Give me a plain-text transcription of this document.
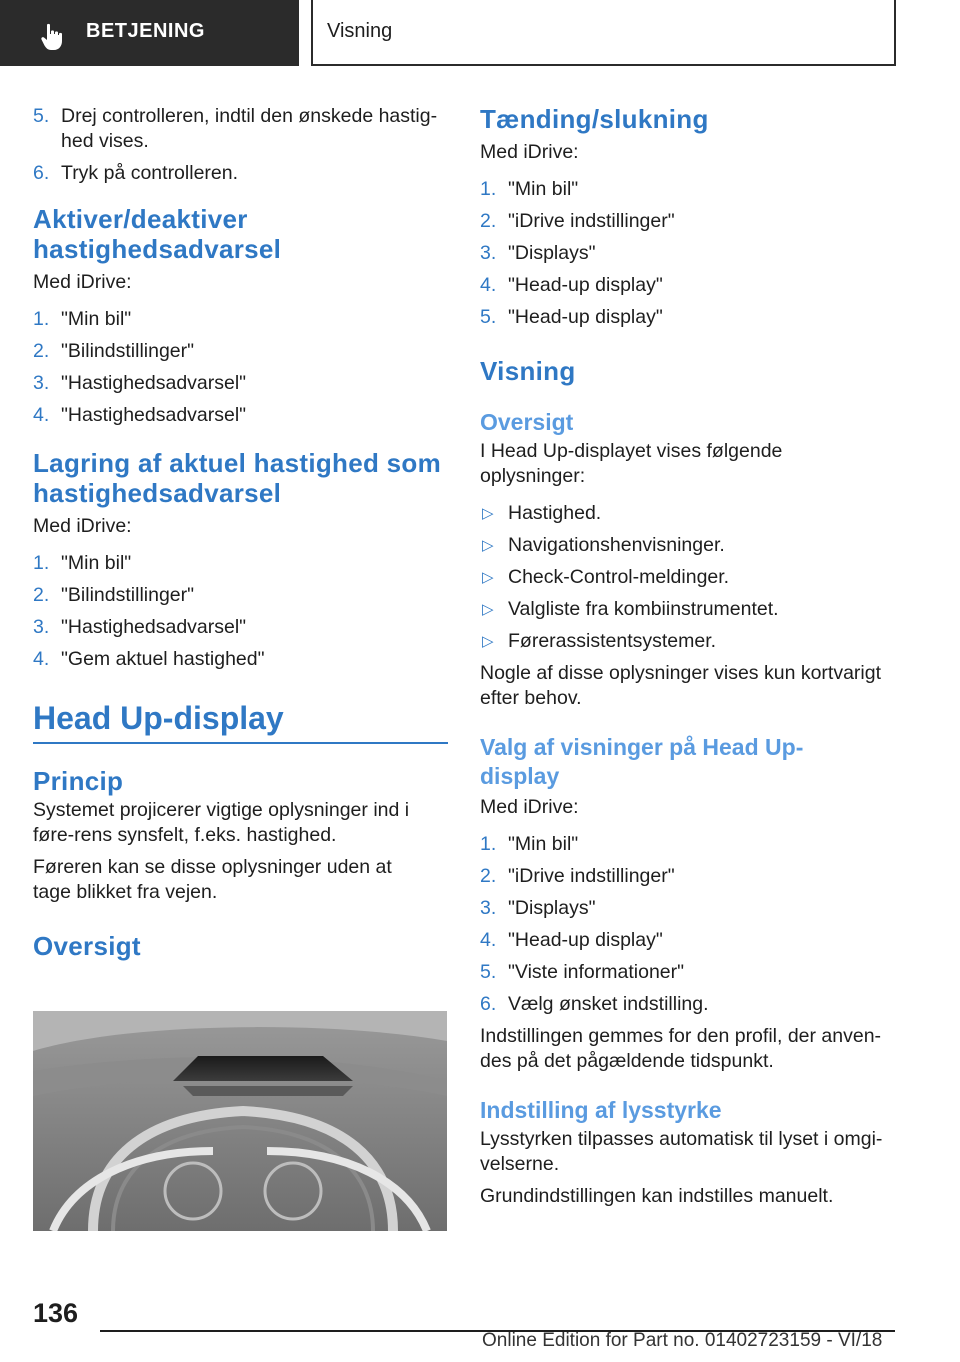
BETJENING	Visning
5. Drej controlleren, indtil den ønskede hastig‐hed vises.
6. Tryk på controlleren.
Aktiver/deaktiver hastighedsadvarsel
Med iDrive:
1. "Min bil"
2. "Bilindstillinger"
3. "Hastighedsadvarsel"
4. "Hastighedsadvarsel"
Lagring af aktuel hastighed som hastighedsadvarsel
Med iDrive:
1. "Min bil"
2. "Bilindstillinger"
3. "Hastighedsadvarsel"
4. "Gem aktuel hastighed"
Head Up-display
Princip
Systemet projicerer vigtige oplysninger ind i føre‐rens synsfelt, f.eks. hastighed.
Føreren kan se disse oplysninger uden at tage blikket fra vejen.
Oversigt
Tænding/slukning
Med iDrive:
1. "Min bil"
2. "iDrive indstillinger"
3. "Displays"
4. "Head-up display"
5. "Head-up display"
Visning
Oversigt
I Head Up-displayet vises følgende oplysninger:
▷ Hastighed.
▷ Navigationshenvisninger.
▷ Check-Control-meldinger.
▷ Valgliste fra kombiinstrumentet.
▷ Førerassistentsystemer.
Nogle af disse oplysninger vises kun kortvarigt efter behov.
Valg af visninger på Head Up-display
Med iDrive:
1. "Min bil"
2. "iDrive indstillinger"
3. "Displays"
4. "Head-up display"
5. "Viste informationer"
6. Vælg ønsket indstilling.
Indstillingen gemmes for den profil, der anven‐des på det pågældende tidspunkt.
Indstilling af lysstyrke
Lysstyrken tilpasses automatisk til lyset i omgi‐velserne.
Grundindstillingen kan indstilles manuelt.
136
Online Edition for Part no. 01402723159 - VI/18
